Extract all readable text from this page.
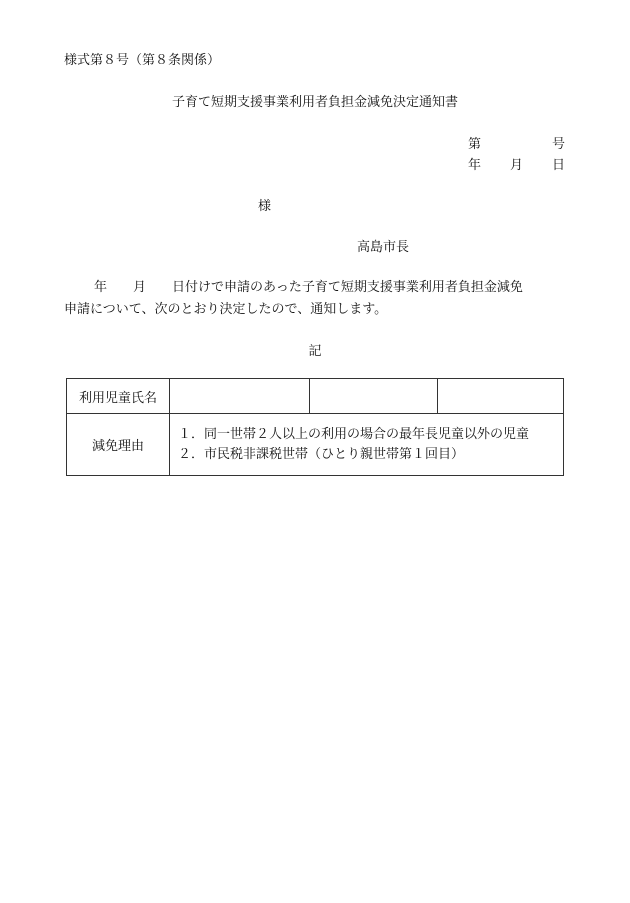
様式第８号（第８条関係）
子育て短期支援事業利用者負担金減免決定通知書
第	号
年 月 日
様
高島市長

年 月 日付けで申請のあった子育て短期支援事業利用者負担金減免

申請について、次のとおり決定したので、通知します。

記
利用児童氏名			
減免理由	１．同一世帯２人以上の利用の場合の最年長児童以外の児童
２．市民税非課税世帯（ひとり親世帯第１回目）		
